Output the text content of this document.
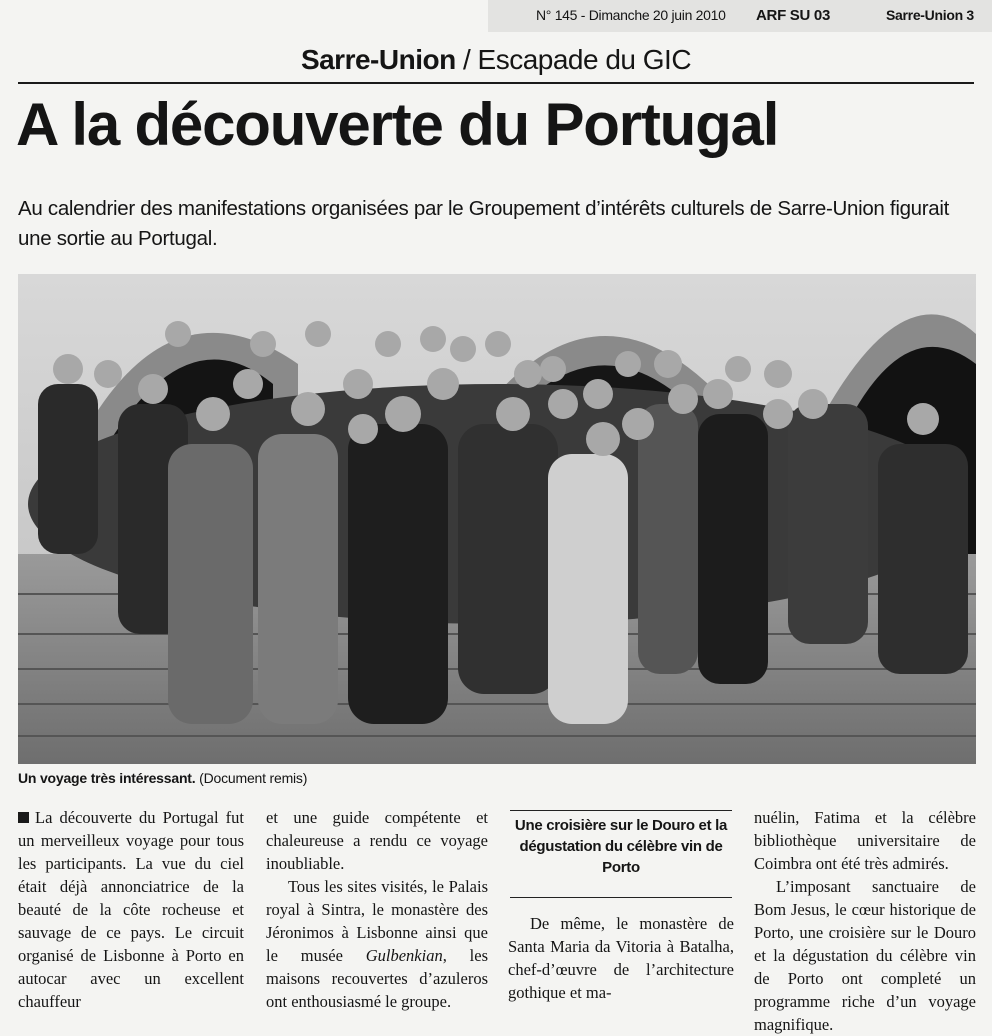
N° 145 - Dimanche 20 juin 2010 ARF SU 03	Sarre-Union 3
Sarre-Union / Escapade du GIC
A la découverte du Portugal
Au calendrier des manifestations organisées par le Groupement d’intérêts culturels de Sarre-Union figurait une sortie au Portugal.
Un voyage très intéressant. (Document remis)

La découverte du Portugal fut un merveilleux voyage pour tous les participants. La vue du ciel était déjà annonciatrice de la beauté de la côte rocheuse et sauvage de ce pays. Le circuit organisé de Lisbonne à Porto en autocar avec un excellent chauffeur

et une guide compétente et chaleureuse a rendu ce voyage inoubliable.

Tous les sites visités, le Palais royal à Sintra, le monastère des Jéronimos à Lisbonne ainsi que le musée Gulbenkian, les maisons recouvertes d’azuleros ont enthousiasmé le groupe.

Une croisière sur le Douro et la dégustation du célèbre vin de Porto

De même, le monastère de Santa Maria da Vitoria à Batalha, chef-d’œuvre de l’architecture gothique et ma-

nuélin, Fatima et la célèbre bibliothèque universitaire de Coimbra ont été très admirés.

L’imposant sanctuaire de Bom Jesus, le cœur historique de Porto, une croisière sur le Douro et la dégustation du célèbre vin de Porto ont completé un programme riche d’un voyage magnifique.
